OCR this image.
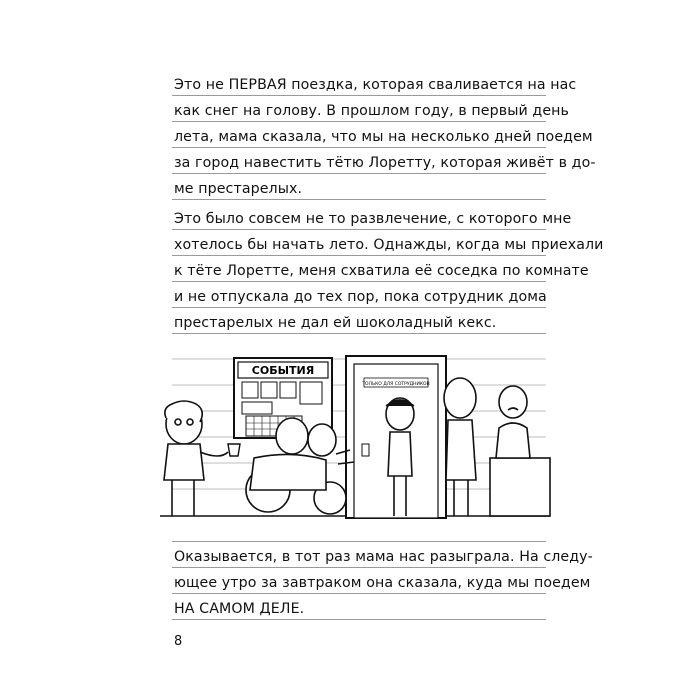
Это не ПЕРВАЯ поездка, которая сваливается на нас
как снег на голову. В прошлом году, в первый день
лета, мама сказала, что мы на несколько дней поедем
за город навестить тётю Лоретту, которая живёт в до-
ме престарелых.
Это было совсем не то развлечение, с которого мне
хотелось бы начать лето. Однажды, когда мы приехали
к тёте Лоретте, меня схватила её соседка по комнате
и не отпускала до тех пор, пока сотрудник дома
престарелых не дал ей шоколадный кекс.
СОБЫТИЯ
ТОЛЬКО ДЛЯ СОТРУДНИКОВ
Оказывается, в тот раз мама нас разыграла. На следу-
ющее утро за завтраком она сказала, куда мы поедем
НА САМОМ ДЕЛЕ.
8
